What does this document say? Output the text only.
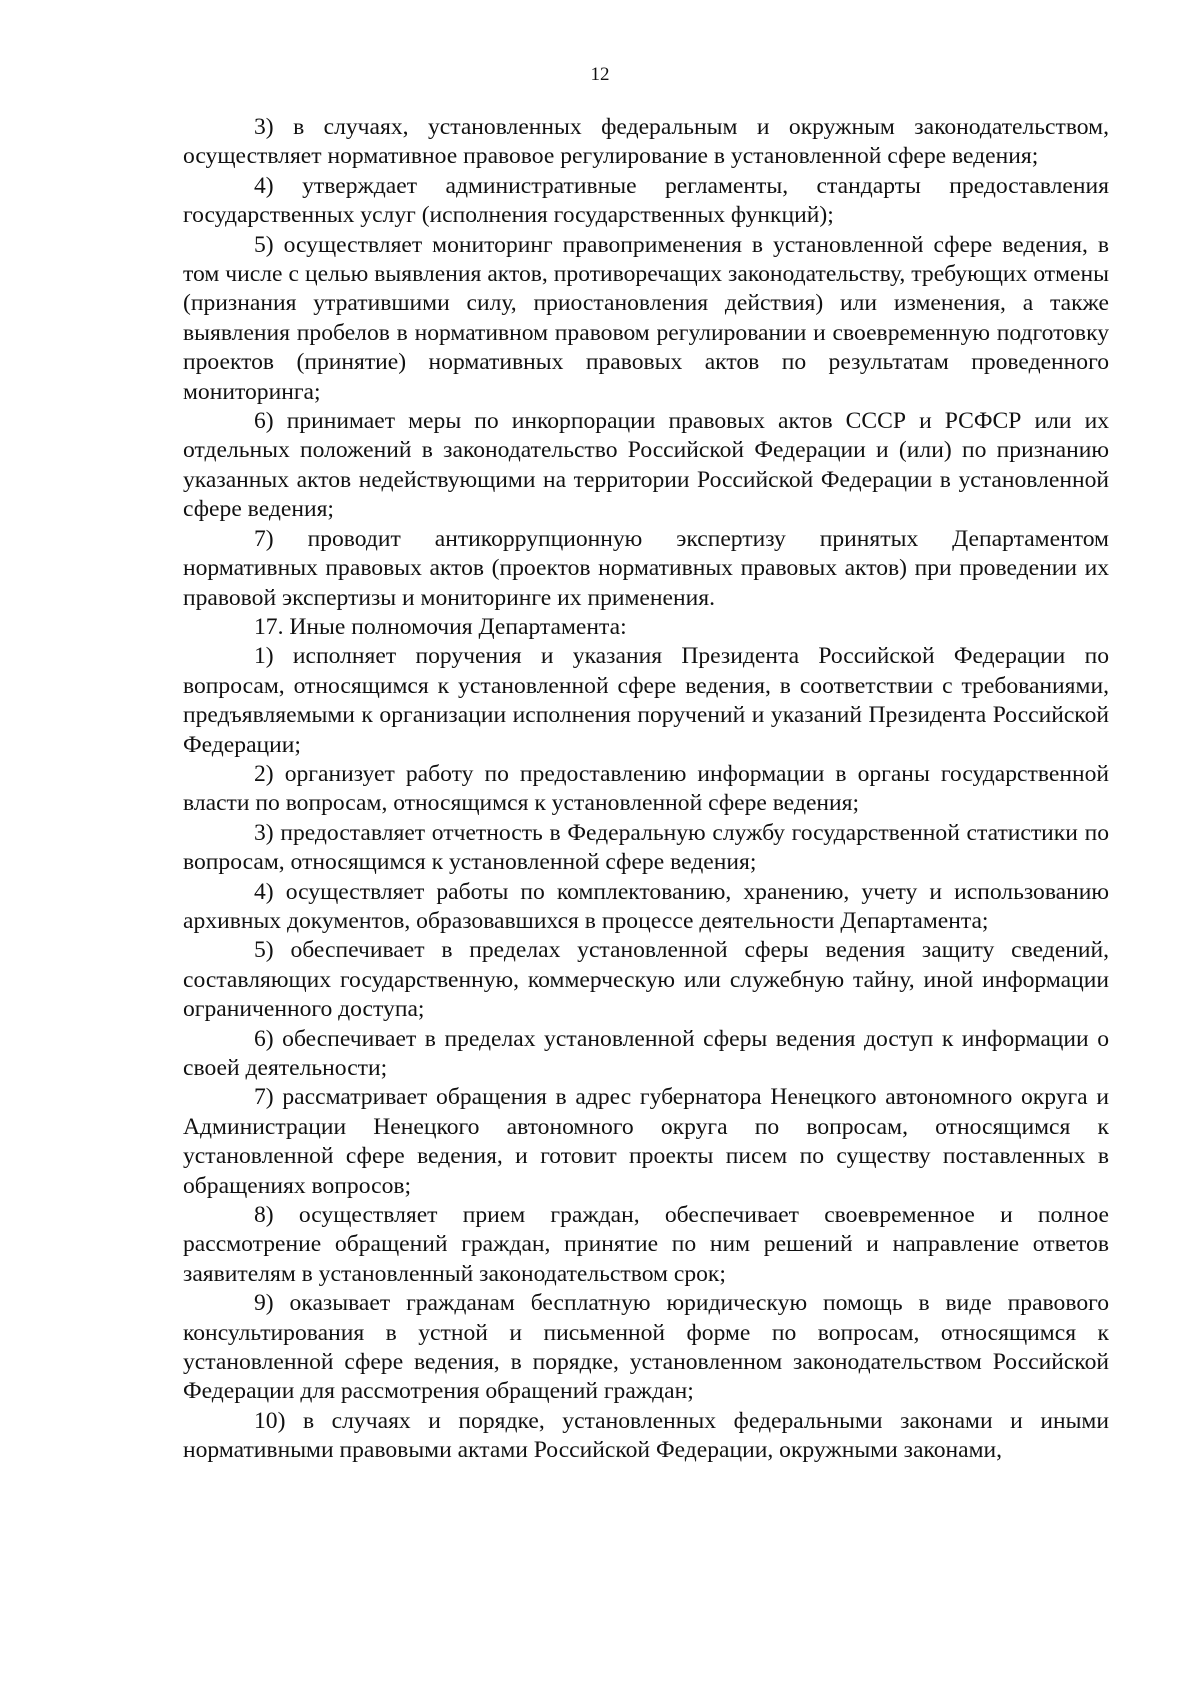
12

3) в случаях, установленных федеральным и окружным законодательством, осуществляет нормативное правовое регулирование в установленной сфере ведения;

4) утверждает административные регламенты, стандарты предоставления государственных услуг (исполнения государственных функций);

5) осуществляет мониторинг правоприменения в установленной сфере ведения, в том числе с целью выявления актов, противоречащих законодательству, требующих отмены (признания утратившими силу, приостановления действия) или изменения, а также выявления пробелов в нормативном правовом регулировании и своевременную подготовку проектов (принятие) нормативных правовых актов по результатам проведенного мониторинга;

6) принимает меры по инкорпорации правовых актов СССР и РСФСР или их отдельных положений в законодательство Российской Федерации и (или) по признанию указанных актов недействующими на территории Российской Федерации в установленной сфере ведения;

7) проводит антикоррупционную экспертизу принятых Департаментом нормативных правовых актов (проектов нормативных правовых актов) при проведении их правовой экспертизы и мониторинге их применения.

17. Иные полномочия Департамента:

1) исполняет поручения и указания Президента Российской Федерации по вопросам, относящимся к установленной сфере ведения, в соответствии с требованиями, предъявляемыми к организации исполнения поручений и указаний Президента Российской Федерации;

2) организует работу по предоставлению информации в органы государственной власти по вопросам, относящимся к установленной сфере ведения;

3) предоставляет отчетность в Федеральную службу государственной статистики по вопросам, относящимся к установленной сфере ведения;

4) осуществляет работы по комплектованию, хранению, учету и использованию архивных документов, образовавшихся в процессе деятельности Департамента;

5) обеспечивает в пределах установленной сферы ведения защиту сведений, составляющих государственную, коммерческую или служебную тайну, иной информации ограниченного доступа;

6) обеспечивает в пределах установленной сферы ведения доступ к информации о своей деятельности;

7) рассматривает обращения в адрес губернатора Ненецкого автономного округа и Администрации Ненецкого автономного округа по вопросам, относящимся к установленной сфере ведения, и готовит проекты писем по существу поставленных в обращениях вопросов;

8) осуществляет прием граждан, обеспечивает своевременное и полное рассмотрение обращений граждан, принятие по ним решений и направление ответов заявителям в установленный законодательством срок;

9) оказывает гражданам бесплатную юридическую помощь в виде правового консультирования в устной и письменной форме по вопросам, относящимся к установленной сфере ведения, в порядке, установленном законодательством Российской Федерации для рассмотрения обращений граждан;

10) в случаях и порядке, установленных федеральными законами и иными нормативными правовыми актами Российской Федерации, окружными законами,
